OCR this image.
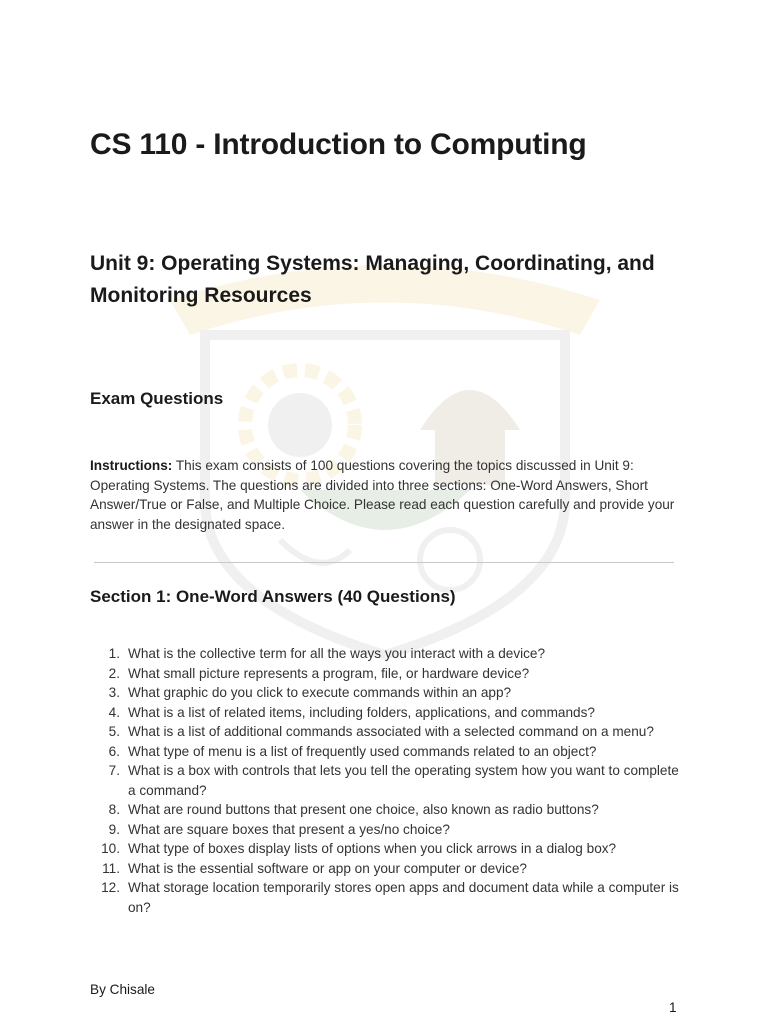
CS 110 - Introduction to Computing
Unit 9: Operating Systems: Managing, Coordinating, and Monitoring Resources
Exam Questions

Instructions: This exam consists of 100 questions covering the topics discussed in Unit 9: Operating Systems. The questions are divided into three sections: One-Word Answers, Short Answer/True or False, and Multiple Choice. Please read each question carefully and provide your answer in the designated space.

Section 1: One-Word Answers (40 Questions)
1. What is the collective term for all the ways you interact with a device?
2. What small picture represents a program, file, or hardware device?
3. What graphic do you click to execute commands within an app?
4. What is a list of related items, including folders, applications, and commands?
5. What is a list of additional commands associated with a selected command on a menu?
6. What type of menu is a list of frequently used commands related to an object?
7. What is a box with controls that lets you tell the operating system how you want to complete a command?
8. What are round buttons that present one choice, also known as radio buttons?
9. What are square boxes that present a yes/no choice?
10. What type of boxes display lists of options when you click arrows in a dialog box?
11. What is the essential software or app on your computer or device?
12. What storage location temporarily stores open apps and document data while a computer is on?

By Chisale

1
